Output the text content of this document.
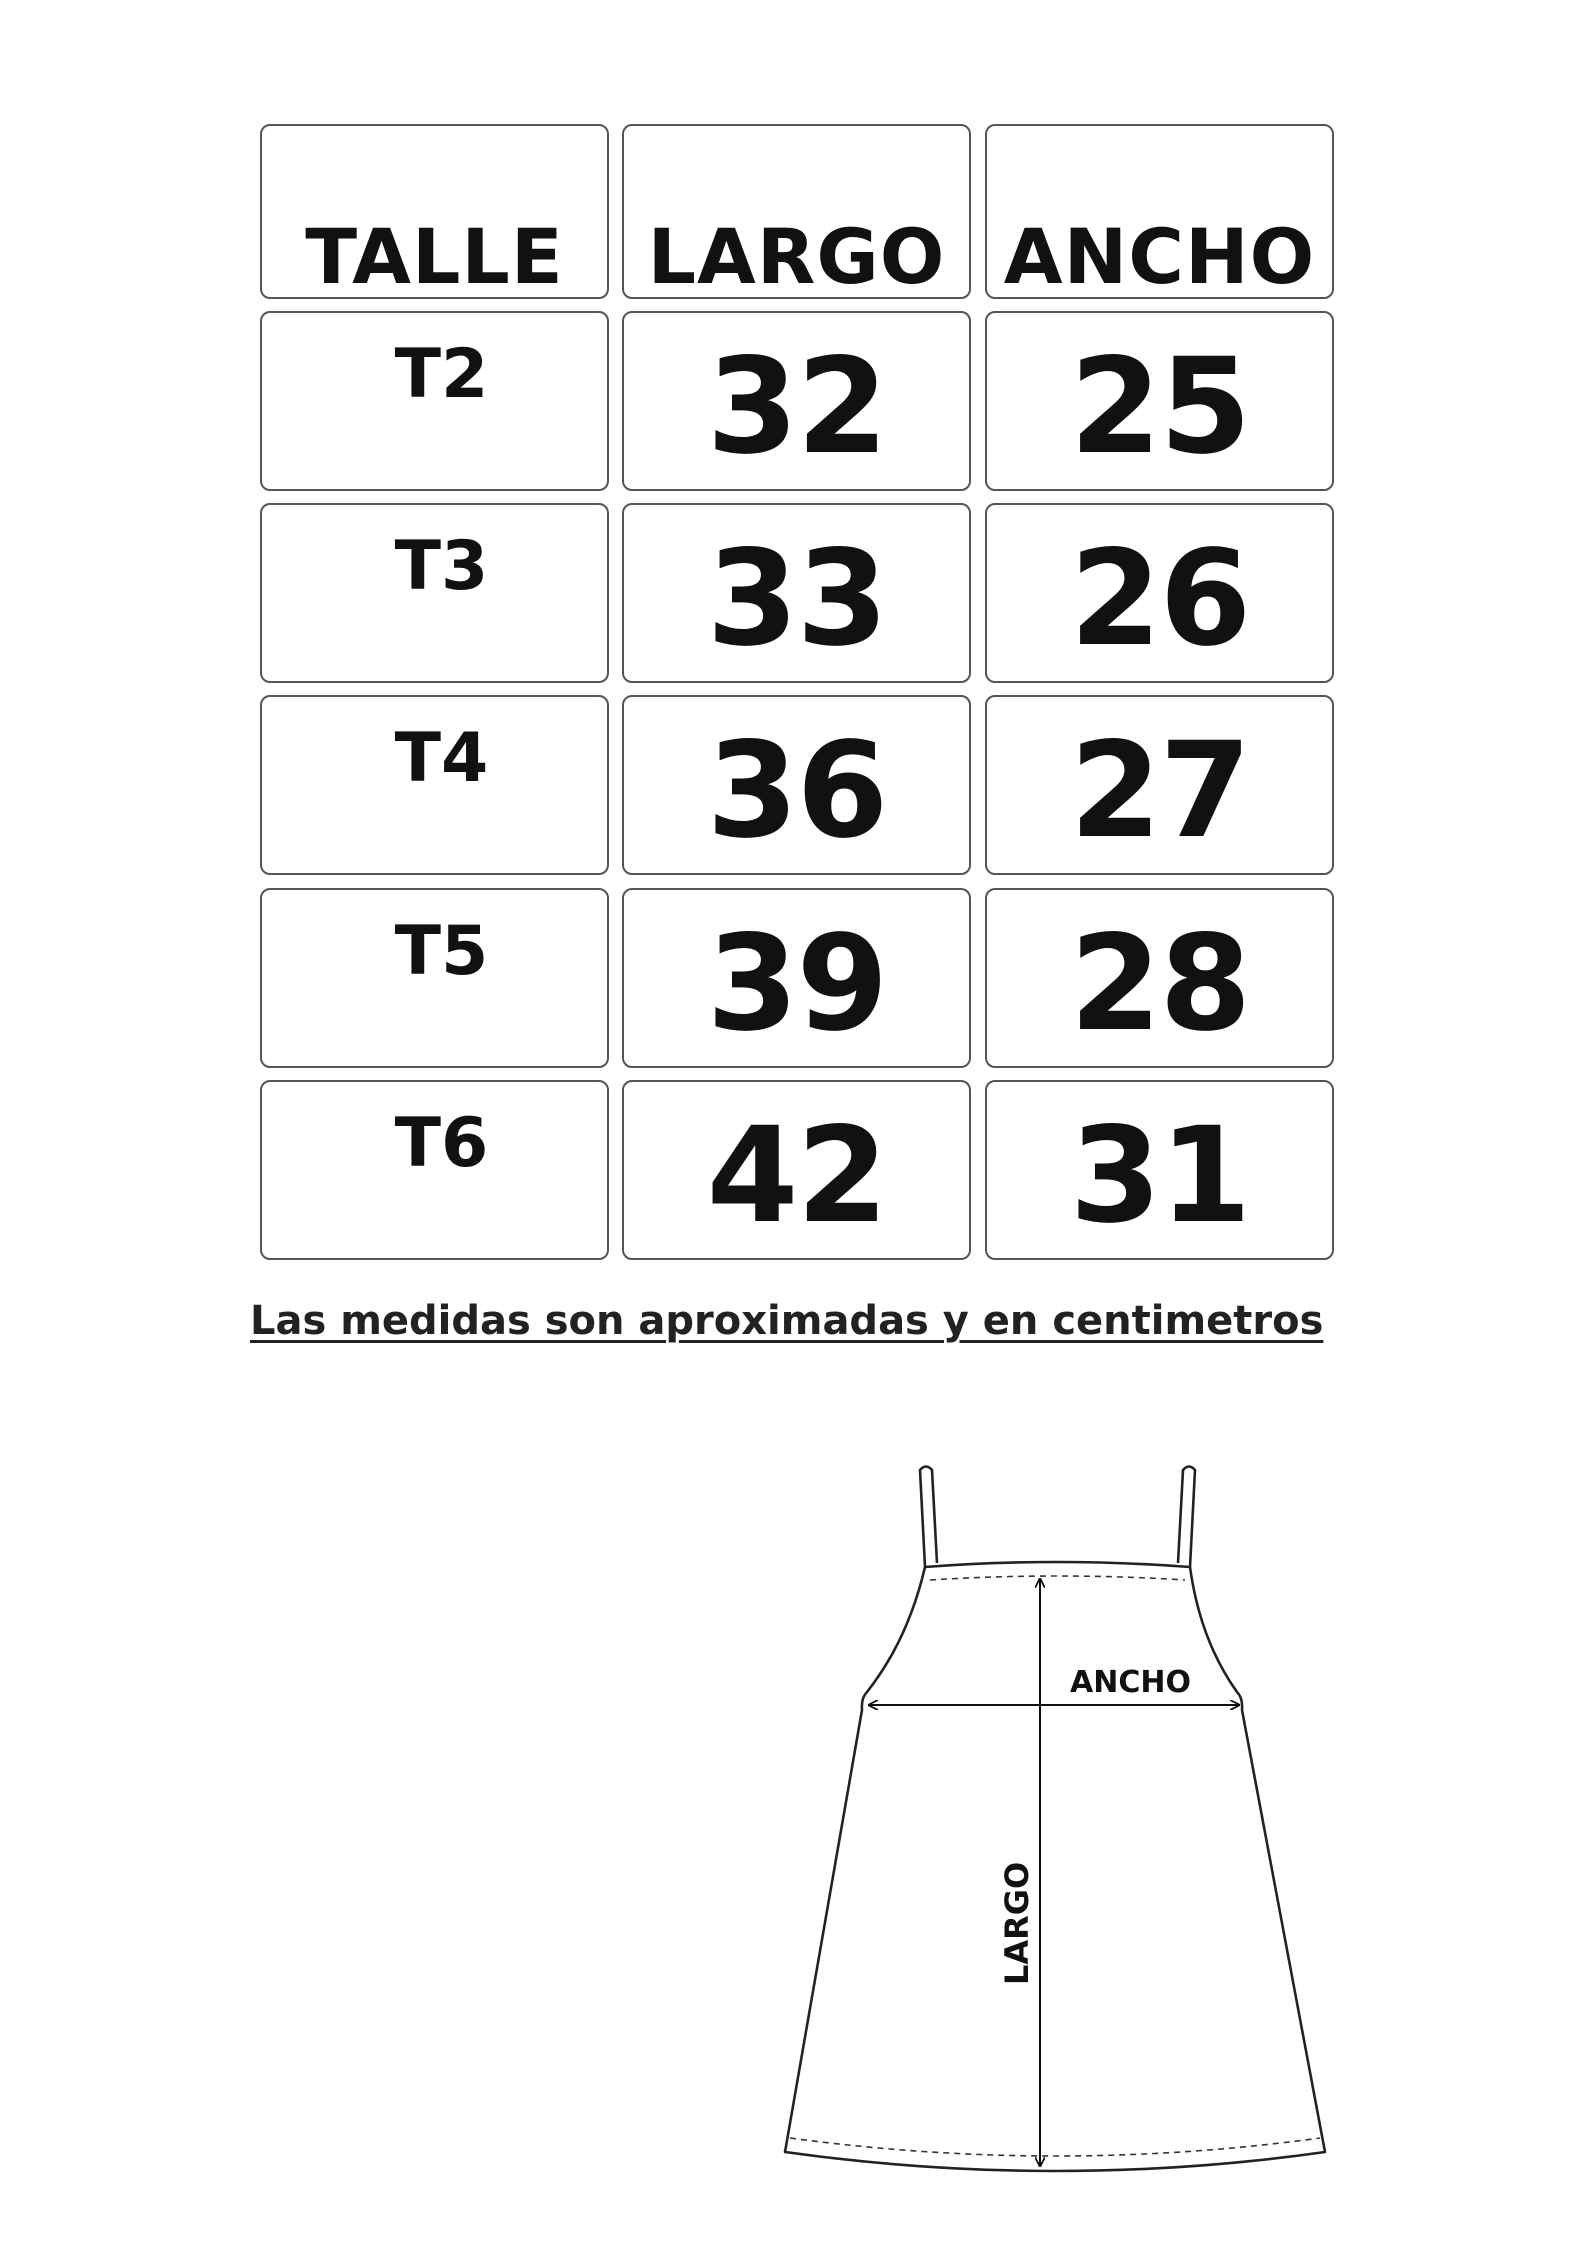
TALLE	LARGO ANCHO
T2	32	25
T3	33	26
T4	36	27
T5	39	28
T6	42	31
Las medidas son aproximadas y en centimetros
ANCHO
LARGO
